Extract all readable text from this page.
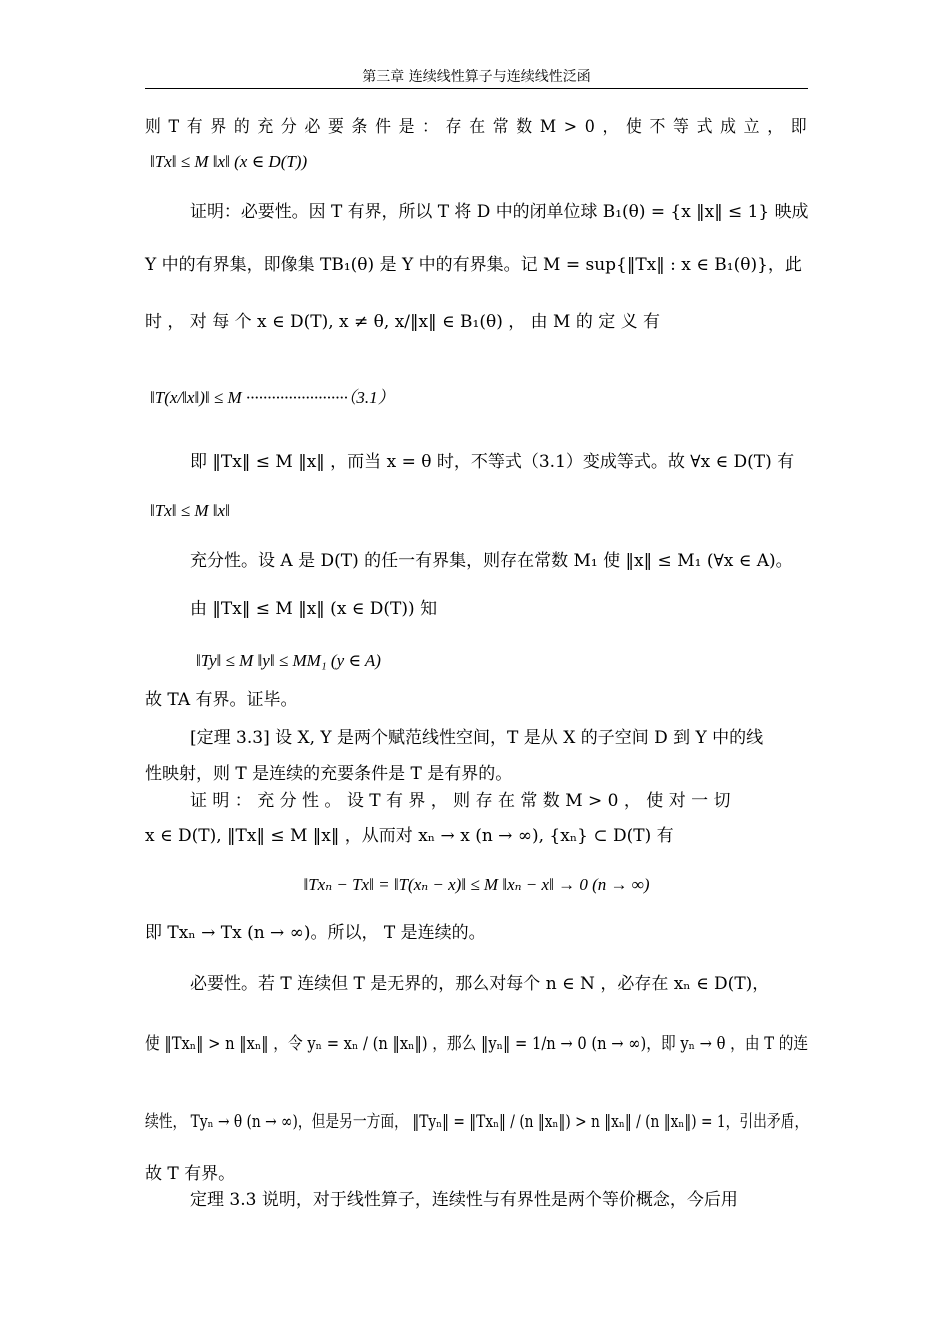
第三章 连续线性算子与连续线性泛函
则 T 有 界 的 充 分 必 要 条 件 是 ： 存 在 常 数 M > 0 ， 使 不 等 式 成 立 ， 即
‖Tx‖ ≤ M ‖x‖ (x ∈ D(T))
证明：必要性。因 T 有界，所以 T 将 D 中的闭单位球 B₁(θ) = {x ‖x‖ ≤ 1} 映成
Y 中的有界集，即像集 TB₁(θ) 是 Y 中的有界集。记 M = sup{‖Tx‖ : x ∈ B₁(θ)}，此
时 ， 对 每 个 x ∈ D(T), x ≠ θ, x/‖x‖ ∈ B₁(θ) ， 由 M 的 定 义 有
‖T(x/‖x‖)‖ ≤ M ························（3.1）
即 ‖Tx‖ ≤ M ‖x‖ ，而当 x = θ 时，不等式（3.1）变成等式。故 ∀x ∈ D(T) 有
‖Tx‖ ≤ M ‖x‖
充分性。设 A 是 D(T) 的任一有界集，则存在常数 M₁ 使 ‖x‖ ≤ M₁ (∀x ∈ A)。
由 ‖Tx‖ ≤ M ‖x‖ (x ∈ D(T)) 知
‖Ty‖ ≤ M ‖y‖ ≤ MM₁ (y ∈ A)
故 TA 有界。证毕。
[定理 3.3] 设 X, Y 是两个赋范线性空间，T 是从 X 的子空间 D 到 Y 中的线
性映射，则 T 是连续的充要条件是 T 是有界的。
证 明 ： 充 分 性 。 设 T 有 界 ， 则 存 在 常 数 M > 0 ， 使 对 一 切
x ∈ D(T), ‖Tx‖ ≤ M ‖x‖ ，从而对 xₙ → x (n → ∞), {xₙ} ⊂ D(T) 有
‖Txₙ − Tx‖ = ‖T(xₙ − x)‖ ≤ M ‖xₙ − x‖ → 0 (n → ∞)
即 Txₙ → Tx (n → ∞)。所以， T 是连续的。
必要性。若 T 连续但 T 是无界的，那么对每个 n ∈ N ，必存在 xₙ ∈ D(T)，
使 ‖Txₙ‖ > n ‖xₙ‖ ，令 yₙ = xₙ / (n ‖xₙ‖) ，那么 ‖yₙ‖ = 1/n → 0 (n → ∞)，即 yₙ → θ ，由 T 的连
续性， Tyₙ → θ (n → ∞)，但是另一方面， ‖Tyₙ‖ = ‖Txₙ‖ / (n ‖xₙ‖) > n ‖xₙ‖ / (n ‖xₙ‖) = 1，引出矛盾，
故 T 有界。
定理 3.3 说明，对于线性算子，连续性与有界性是两个等价概念，今后用
